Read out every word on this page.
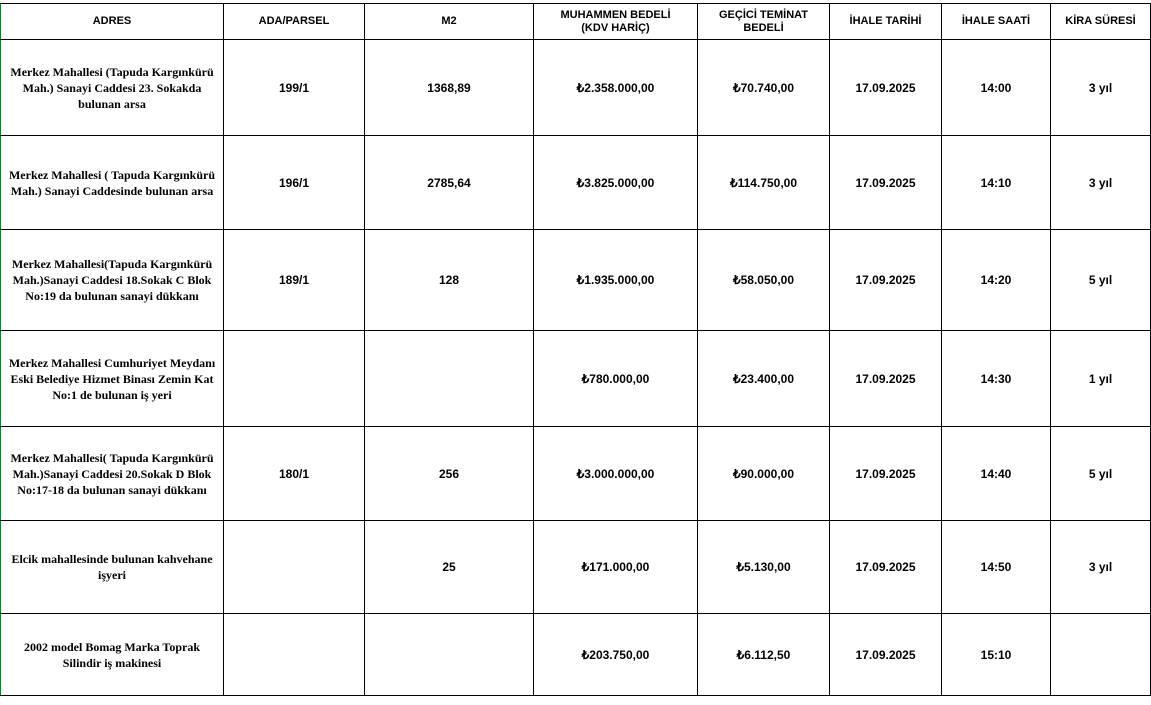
ADRES	ADA/PARSEL	M2	MUHAMMEN BEDELİ (KDV HARİÇ)	GEÇİCİ TEMİNAT BEDELİ	İHALE TARİHİ	İHALE SAATİ	KİRA SÜRESİ
Merkez Mahallesi (Tapuda Kargınkürü Mah.) Sanayi Caddesi 23. Sokakda bulunan arsa	199/1	1368,89	₺2.358.000,00	₺70.740,00	17.09.2025	14:00	3 yıl
Merkez Mahallesi ( Tapuda Kargınkürü Mah.) Sanayi Caddesinde bulunan arsa	196/1	2785,64	₺3.825.000,00	₺114.750,00	17.09.2025	14:10	3 yıl
Merkez Mahallesi(Tapuda Kargınkürü Mah.)Sanayi Caddesi 18.Sokak C Blok No:19 da bulunan sanayi dükkanı	189/1	128	₺1.935.000,00	₺58.050,00	17.09.2025	14:20	5 yıl
Merkez Mahallesi Cumhuriyet Meydanı Eski Belediye Hizmet Binası Zemin Kat No:1 de bulunan iş yeri			₺780.000,00	₺23.400,00	17.09.2025	14:30	1 yıl
Merkez Mahallesi( Tapuda Kargınkürü Mah.)Sanayi Caddesi 20.Sokak D Blok No:17-18 da bulunan sanayi dükkanı	180/1	256	₺3.000.000,00	₺90.000,00	17.09.2025	14:40	5 yıl
Elcik mahallesinde bulunan kahvehane işyeri		25	₺171.000,00	₺5.130,00	17.09.2025	14:50	3 yıl
2002 model Bomag Marka Toprak Silindir iş makinesi			₺203.750,00	₺6.112,50	17.09.2025	15:10	
